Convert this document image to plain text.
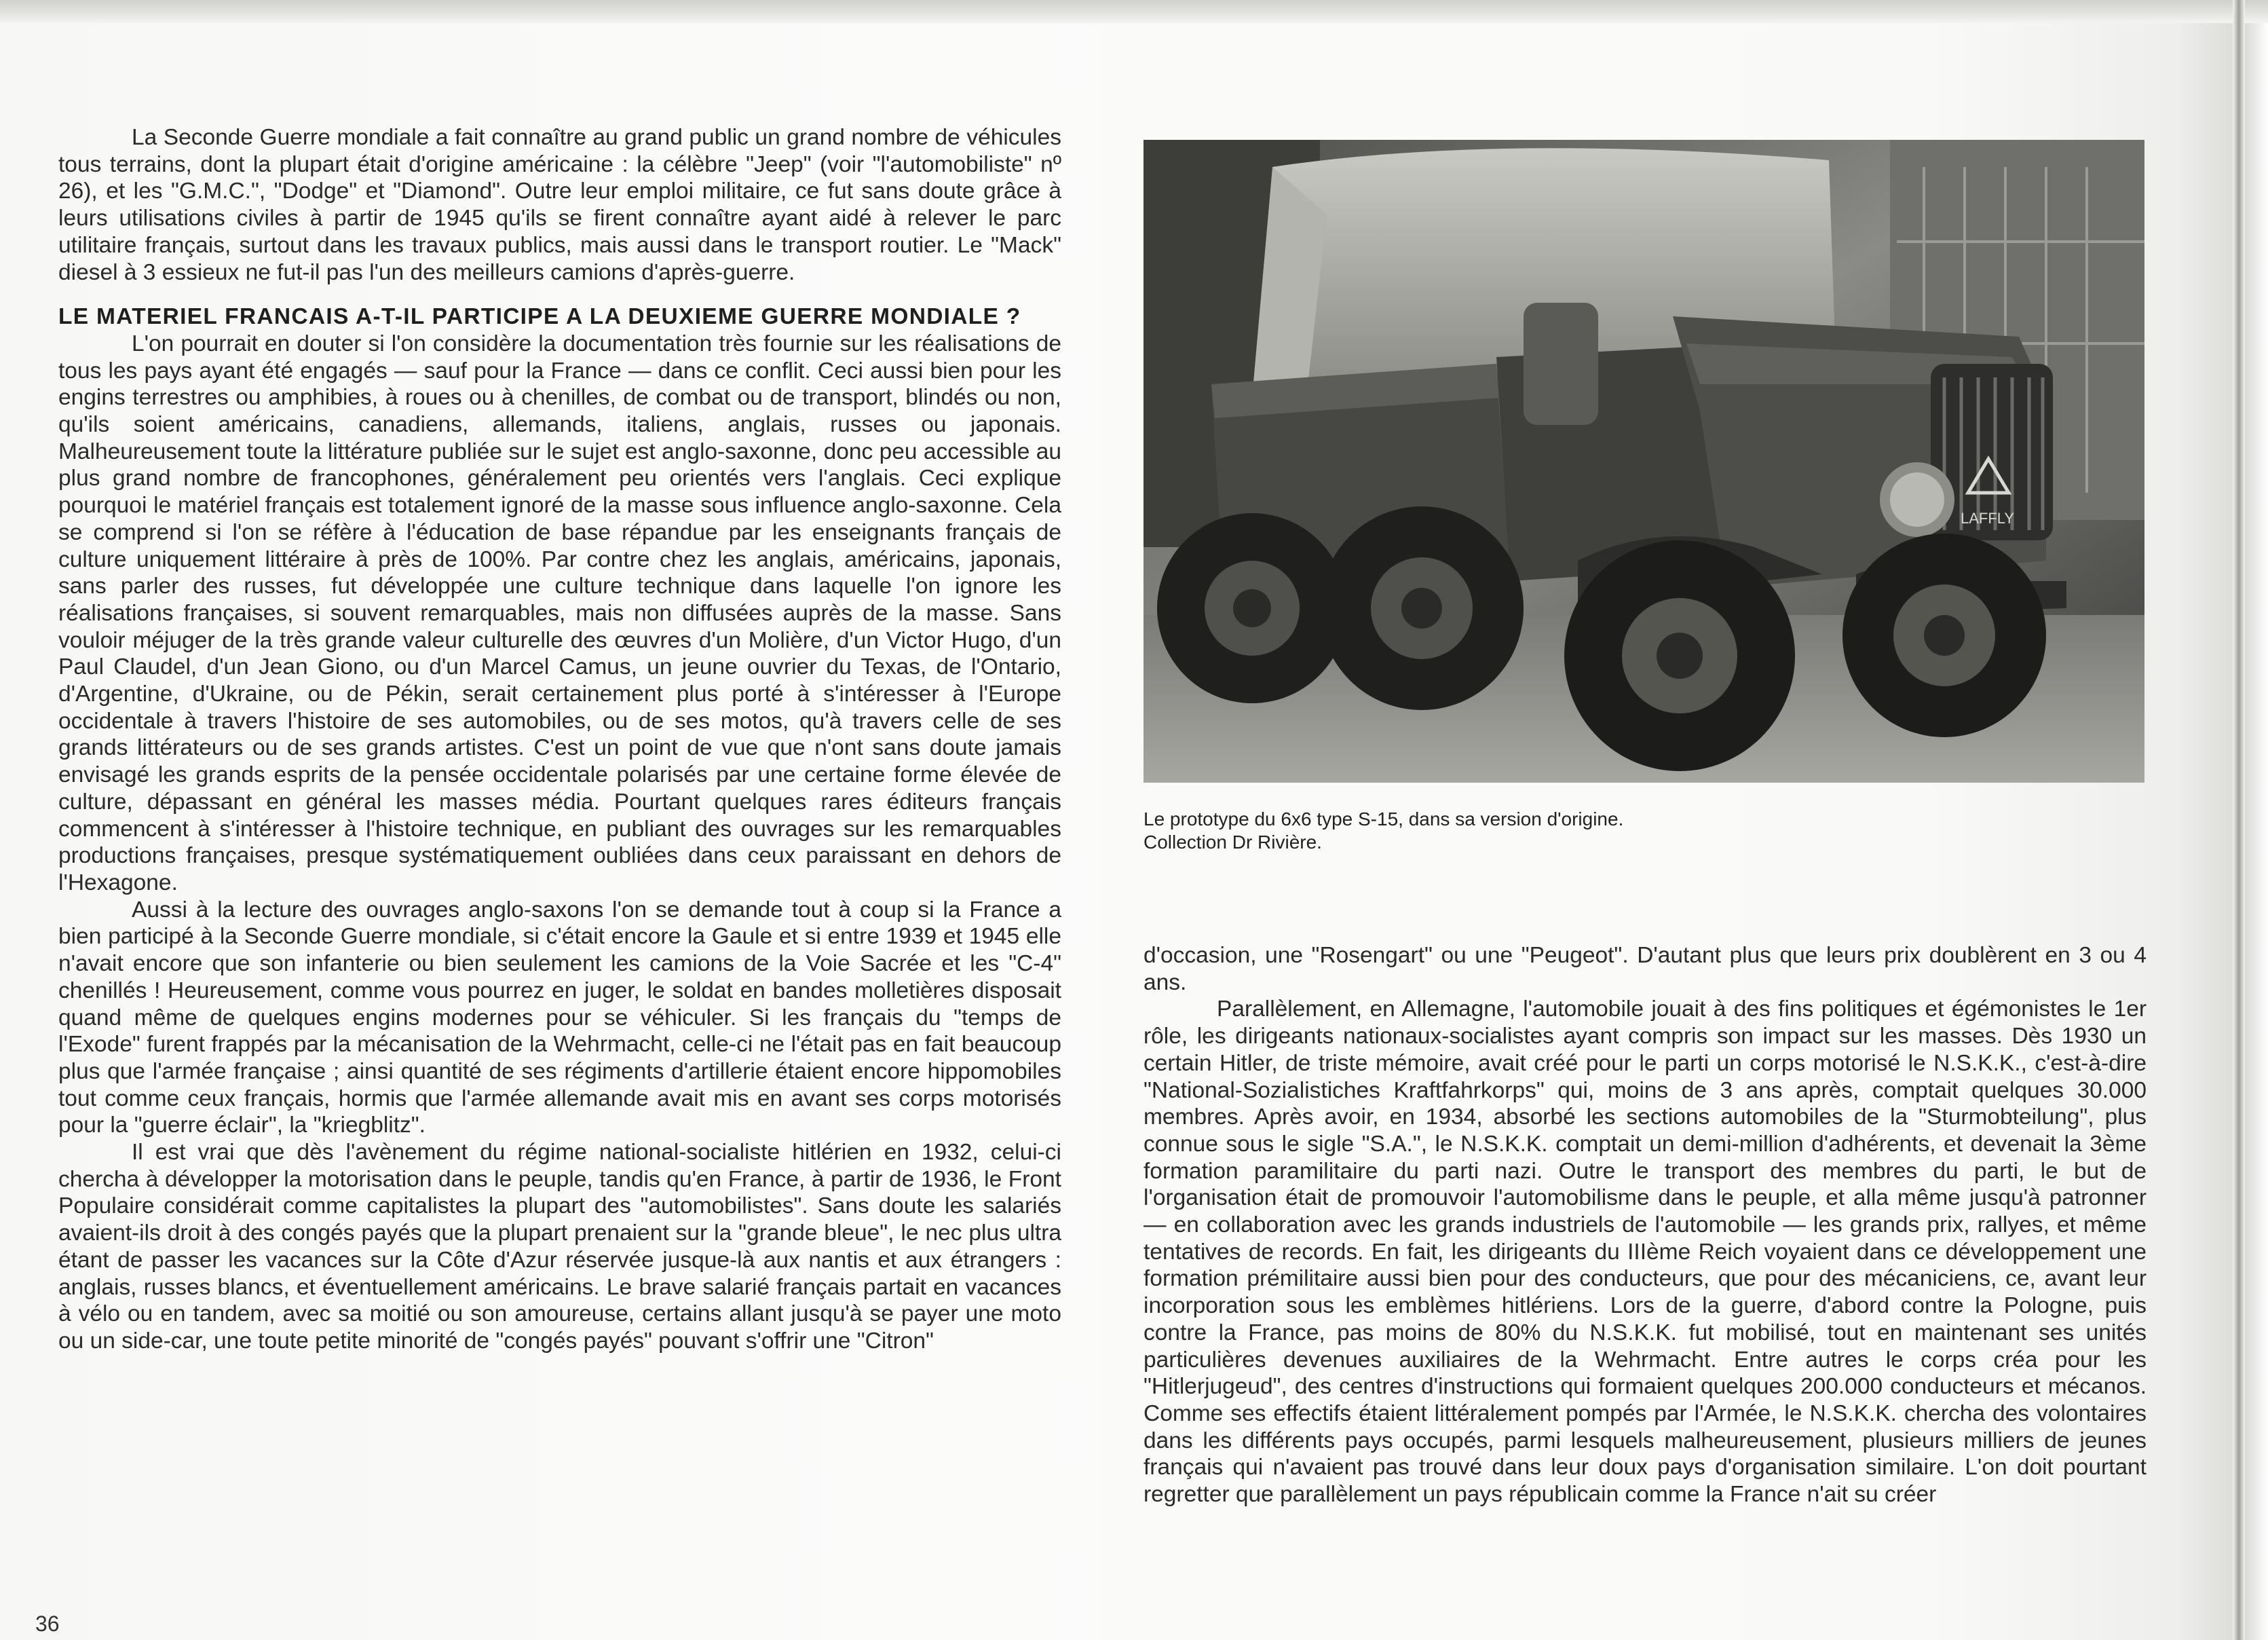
La Seconde Guerre mondiale a fait connaître au grand public un grand nombre de véhicules tous terrains, dont la plupart était d'origine américaine : la célèbre "Jeep" (voir "l'automobiliste" nº 26), et les "G.M.C.", "Dodge" et "Diamond". Outre leur emploi militaire, ce fut sans doute grâce à leurs utilisations civiles à partir de 1945 qu'ils se firent connaître ayant aidé à relever le parc utilitaire français, surtout dans les travaux publics, mais aussi dans le transport routier. Le "Mack" diesel à 3 essieux ne fut-il pas l'un des meilleurs camions d'après-guerre.

LE MATERIEL FRANCAIS A-T-IL PARTICIPE A LA DEUXIEME GUERRE MONDIALE ?

L'on pourrait en douter si l'on considère la documentation très fournie sur les réalisations de tous les pays ayant été engagés — sauf pour la France — dans ce conflit. Ceci aussi bien pour les engins terrestres ou amphibies, à roues ou à chenilles, de combat ou de transport, blindés ou non, qu'ils soient américains, canadiens, allemands, italiens, anglais, russes ou japonais. Malheureusement toute la littérature publiée sur le sujet est anglo-saxonne, donc peu accessible au plus grand nombre de francophones, généralement peu orientés vers l'anglais. Ceci explique pourquoi le matériel français est totalement ignoré de la masse sous influence anglo-saxonne. Cela se comprend si l'on se réfère à l'éducation de base répandue par les enseignants français de culture uniquement littéraire à près de 100%. Par contre chez les anglais, américains, japonais, sans parler des russes, fut développée une culture technique dans laquelle l'on ignore les réalisations françaises, si souvent remarquables, mais non diffusées auprès de la masse. Sans vouloir méjuger de la très grande valeur culturelle des œuvres d'un Molière, d'un Victor Hugo, d'un Paul Claudel, d'un Jean Giono, ou d'un Marcel Camus, un jeune ouvrier du Texas, de l'Ontario, d'Argentine, d'Ukraine, ou de Pékin, serait certainement plus porté à s'intéresser à l'Europe occidentale à travers l'histoire de ses automobiles, ou de ses motos, qu'à travers celle de ses grands littérateurs ou de ses grands artistes. C'est un point de vue que n'ont sans doute jamais envisagé les grands esprits de la pensée occidentale polarisés par une certaine forme élevée de culture, dépassant en général les masses média. Pourtant quelques rares éditeurs français commencent à s'intéresser à l'histoire technique, en publiant des ouvrages sur les remarquables productions françaises, presque systématiquement oubliées dans ceux paraissant en dehors de l'Hexagone.

Aussi à la lecture des ouvrages anglo-saxons l'on se demande tout à coup si la France a bien participé à la Seconde Guerre mondiale, si c'était encore la Gaule et si entre 1939 et 1945 elle n'avait encore que son infanterie ou bien seulement les camions de la Voie Sacrée et les "C-4" chenillés ! Heureusement, comme vous pourrez en juger, le soldat en bandes molletières disposait quand même de quelques engins modernes pour se véhiculer. Si les français du "temps de l'Exode" furent frappés par la mécanisation de la Wehrmacht, celle-ci ne l'était pas en fait beaucoup plus que l'armée française ; ainsi quantité de ses régiments d'artillerie étaient encore hippomobiles tout comme ceux français, hormis que l'armée allemande avait mis en avant ses corps motorisés pour la "guerre éclair", la "kriegblitz".

Il est vrai que dès l'avènement du régime national-socialiste hitlérien en 1932, celui-ci chercha à développer la motorisation dans le peuple, tandis qu'en France, à partir de 1936, le Front Populaire considérait comme capitalistes la plupart des "automobilistes". Sans doute les salariés avaient-ils droit à des congés payés que la plupart prenaient sur la "grande bleue", le nec plus ultra étant de passer les vacances sur la Côte d'Azur réservée jusque-là aux nantis et aux étrangers : anglais, russes blancs, et éventuellement américains. Le brave salarié français partait en vacances à vélo ou en tandem, avec sa moitié ou son amoureuse, certains allant jusqu'à se payer une moto ou un side-car, une toute petite minorité de "congés payés" pouvant s'offrir une "Citron"

LAFFLY

Le prototype du 6x6 type S-15, dans sa version d'origine.

Collection Dr Rivière.

d'occasion, une "Rosengart" ou une "Peugeot". D'autant plus que leurs prix doublèrent en 3 ou 4 ans.

Parallèlement, en Allemagne, l'automobile jouait à des fins politiques et égémonistes le 1er rôle, les dirigeants nationaux-socialistes ayant compris son impact sur les masses. Dès 1930 un certain Hitler, de triste mémoire, avait créé pour le parti un corps motorisé le N.S.K.K., c'est-à-dire "National-Sozialistiches Kraftfahrkorps" qui, moins de 3 ans après, comptait quelques 30.000 membres. Après avoir, en 1934, absorbé les sections automobiles de la "Sturmobteilung", plus connue sous le sigle "S.A.", le N.S.K.K. comptait un demi-million d'adhérents, et devenait la 3ème formation paramilitaire du parti nazi. Outre le transport des membres du parti, le but de l'organisation était de promouvoir l'automobilisme dans le peuple, et alla même jusqu'à patronner — en collaboration avec les grands industriels de l'automobile — les grands prix, rallyes, et même tentatives de records. En fait, les dirigeants du IIIème Reich voyaient dans ce développement une formation prémilitaire aussi bien pour des conducteurs, que pour des mécaniciens, ce, avant leur incorporation sous les emblèmes hitlériens. Lors de la guerre, d'abord contre la Pologne, puis contre la France, pas moins de 80% du N.S.K.K. fut mobilisé, tout en maintenant ses unités particulières devenues auxiliaires de la Wehrmacht. Entre autres le corps créa pour les "Hitlerjugeud", des centres d'instructions qui formaient quelques 200.000 conducteurs et mécanos. Comme ses effectifs étaient littéralement pompés par l'Armée, le N.S.K.K. chercha des volontaires dans les différents pays occupés, parmi lesquels malheureusement, plusieurs milliers de jeunes français qui n'avaient pas trouvé dans leur doux pays d'organisation similaire. L'on doit pourtant regretter que parallèlement un pays républicain comme la France n'ait su créer

36
